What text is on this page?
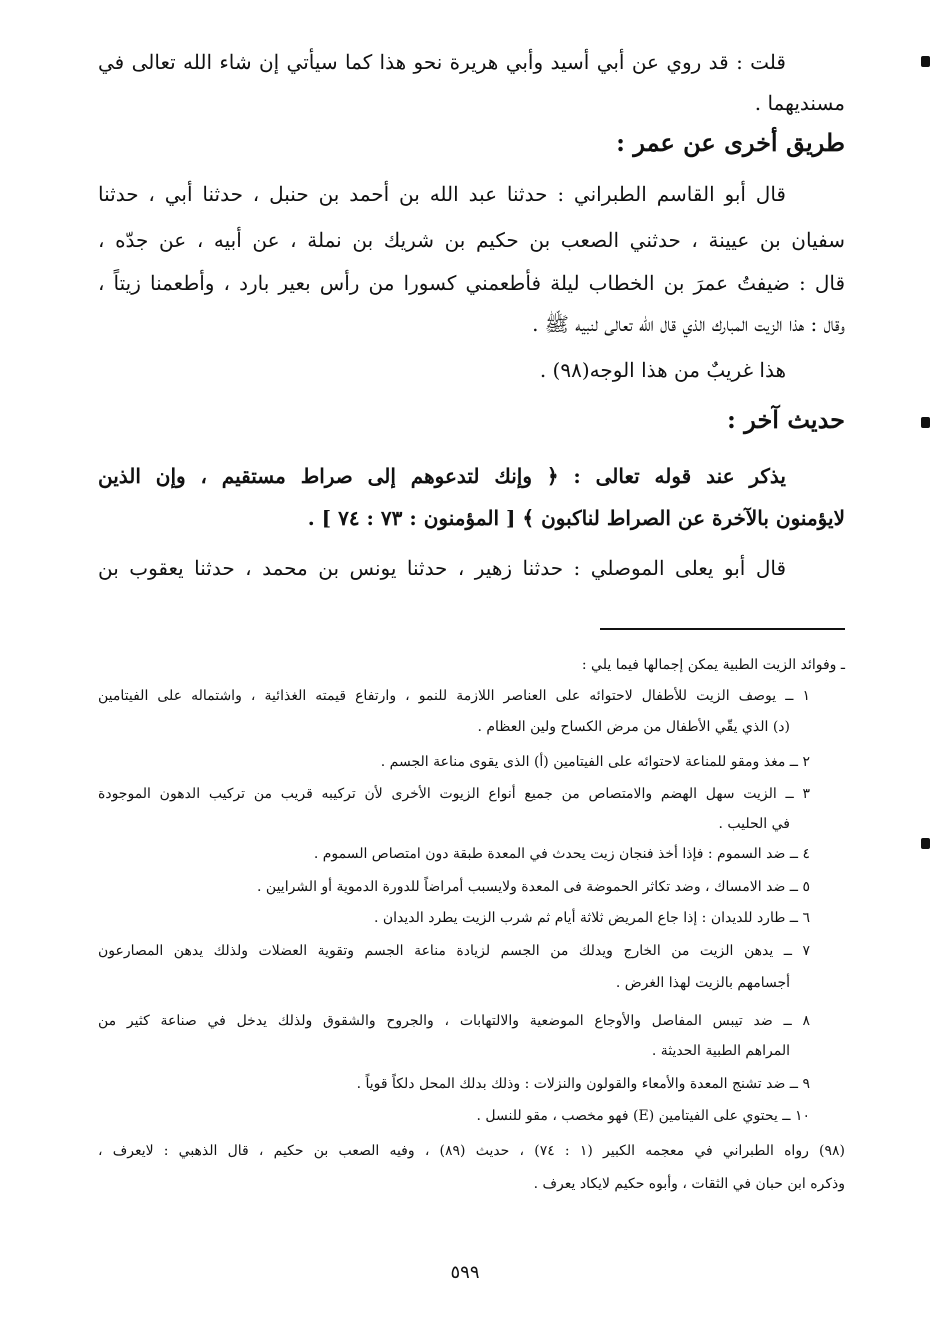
قلت : قد روي عن أبي أسيد وأبي هريرة نحو هذا كما سيأتي إن شاء الله تعالى في
مسنديهما .
طريق أخرى عن عمر :
قال أبو القاسم الطبراني : حدثنا عبد الله بن أحمد بن حنبل ، حدثنا أبي ، حدثنا
سفيان بن عيينة ، حدثني الصعب بن حكيم بن شريك بن نملة ، عن أبيه ، عن جدّه ،
قال : ضيفتُ عمرَ بن الخطاب ليلة فأطعمني كسورا من رأس بعير بارد ، وأطعمنا زيتاً ،
وقال : هذا الزيت المبارك الذي قال الله تعالى لنبيه ﷺ .
هذا غريبٌ من هذا الوجه(٩٨) .
حديث آخر :
يذكر عند قوله تعالى : ﴿ وإنك لتدعوهم إلى صراط مستقيم ، وإن الذين
لايؤمنون بالآخرة عن الصراط لناكبون ﴾ [ المؤمنون : ٧٣ : ٧٤ ] .
قال أبو يعلى الموصلي : حدثنا زهير ، حدثنا يونس بن محمد ، حدثنا يعقوب بن
ـ وفوائد الزيت الطبية يمكن إجمالها فيما يلي :
١ ــ يوصف الزيت للأطفال لاحتوائه على العناصر اللازمة للنمو ، وارتفاع قيمته الغذائية ، واشتماله على الفيتامين
(د) الذي يقّي الأطفال من مرض الكساح ولين العظام .
٢ ــ مغذ ومقو للمناعة لاحتوائه على الفيتامين (أ) الذى يقوى مناعة الجسم .
٣ ــ الزيت سهل الهضم والامتصاص من جميع أنواع الزيوت الأخرى لأن تركيبه قريب من تركيب الدهون الموجودة
في الحليب .
٤ ــ ضد السموم : فإذا أخذ فنجان زيت يحدث في المعدة طبقة دون امتصاص السموم .
٥ ــ ضد الامساك ، وضد تكاثر الحموضة فى المعدة ولايسبب أمراضاً للدورة الدموية أو الشرايين .
٦ ــ طارد للديدان : إذا جاع المريض ثلاثة أيام ثم شرب الزيت يطرد الديدان .
٧ ــ يدهن الزيت من الخارج ويدلك من الجسم لزيادة مناعة الجسم وتقوية العضلات ولذلك يدهن المصارعون
أجسامهم بالزيت لهذا الغرض .
٨ ــ ضد تيبس المفاصل والأوجاع الموضعية والالتهابات ، والجروح والشقوق ولذلك يدخل في صناعة كثير من
المراهم الطبية الحديثة .
٩ ــ ضد تشنج المعدة والأمعاء والقولون والنزلات : وذلك بدلك المحل دلكاً قوياً .
١٠ ــ يحتوي على الفيتامين (E) فهو مخصب ، مقو للنسل .
(٩٨) رواه الطبراني في معجمه الكبير (١ : ٧٤) ، حديث (٨٩) ، وفيه الصعب بن حكيم ، قال الذهبي : لايعرف ،
وذكره ابن حبان في الثقات ، وأبوه حكيم لايكاد يعرف .
٥٩٩
